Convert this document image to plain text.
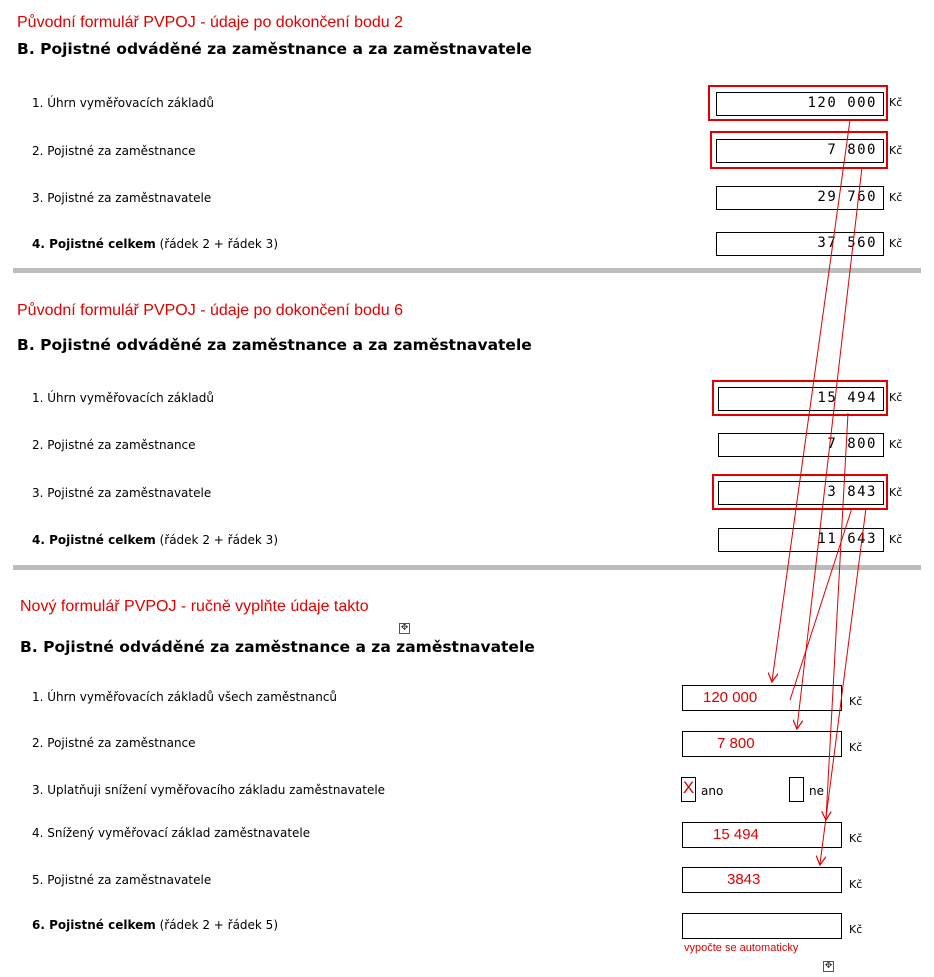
Původní formulář PVPOJ - údaje po dokončení bodu 2
B. Pojistné odváděné za zaměstnance a za zaměstnavatele
1. Úhrn vyměřovacích základů	120 000	Kč
2. Pojistné za zaměstnance	7 800	Kč
3. Pojistné za zaměstnavatele	29 760	Kč
4. Pojistné celkem (řádek 2 + řádek 3)	37 560	Kč
Původní formulář PVPOJ - údaje po dokončení bodu 6
B. Pojistné odváděné za zaměstnance a za zaměstnavatele
1. Úhrn vyměřovacích základů	15 494	Kč
2. Pojistné za zaměstnance	7 800	Kč
3. Pojistné za zaměstnavatele	3 843	Kč
4. Pojistné celkem (řádek 2 + řádek 3)	11 643	Kč
Nový formulář PVPOJ - ručně vyplňte údaje takto
✥
B. Pojistné odváděné za zaměstnance a za zaměstnavatele
1. Úhrn vyměřovacích základů všech zaměstnanců	120 000	Kč
2. Pojistné za zaměstnance	7 800	Kč
3. Uplatňuji snížení vyměřovacího základu zaměstnavatele	X ano	ne
4. Snížený vyměřovací základ zaměstnavatele	15 494	Kč
5. Pojistné za zaměstnavatele	3843	Kč
6. Pojistné celkem (řádek 2 + řádek 5)	Kč
vypočte se automaticky
✥
